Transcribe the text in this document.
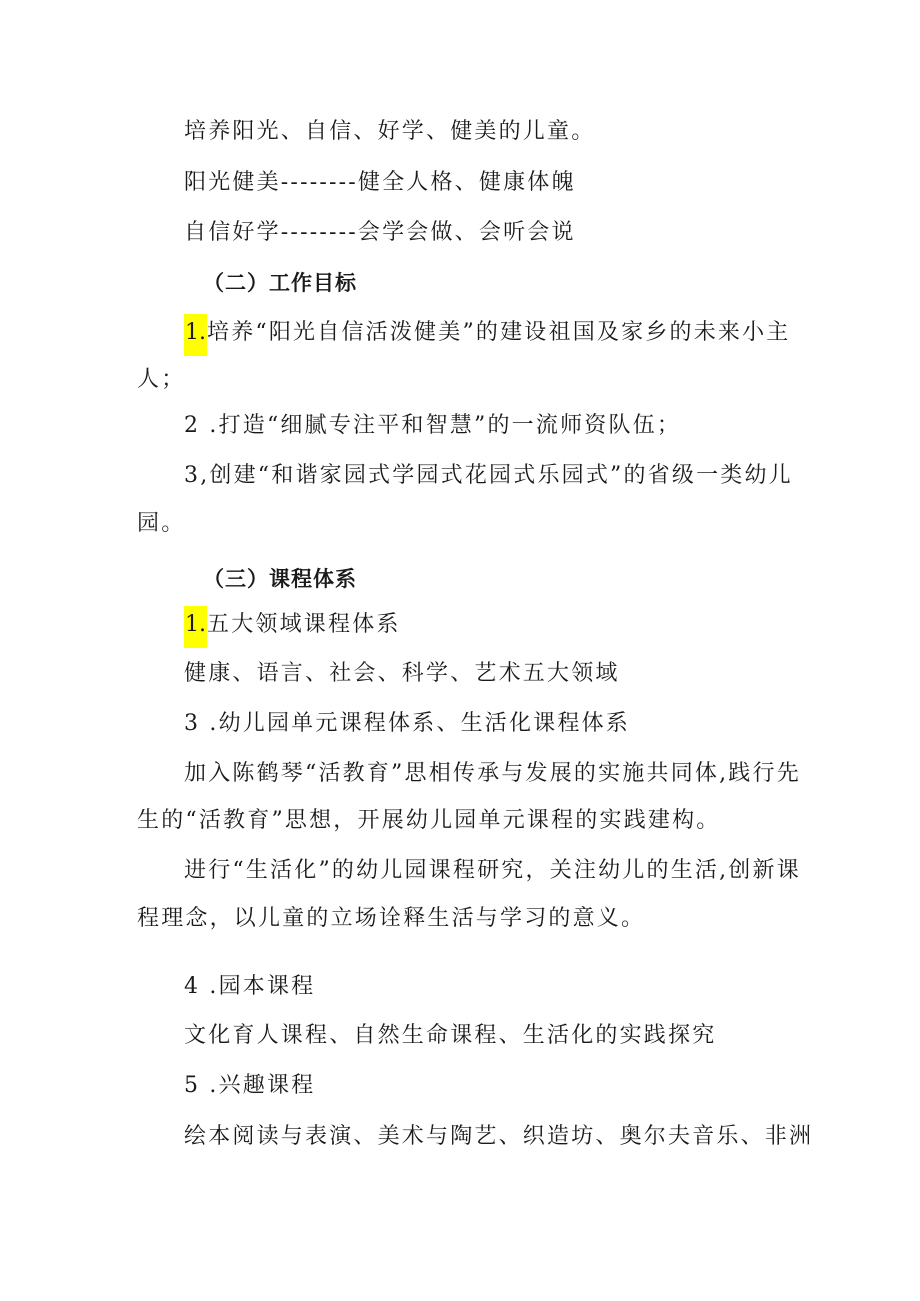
培养阳光、自信、好学、健美的儿童。

阳光健美--------健全人格、健康体魄

自信好学--------会学会做、会听会说

（二）工作目标

1.培养“阳光自信活泼健美”的建设祖国及家乡的未来小主

人；

2 .打造“细腻专注平和智慧”的一流师资队伍；

3,创建“和谐家园式学园式花园式乐园式”的省级一类幼儿

园。

（三）课程体系

1.五大领域课程体系

健康、语言、社会、科学、艺术五大领域

3 .幼儿园单元课程体系、生活化课程体系

加入陈鹤琴“活教育”思相传承与发展的实施共同体,践行先

生的“活教育”思想，开展幼儿园单元课程的实践建构。

进行“生活化”的幼儿园课程研究，关注幼儿的生活,创新课

程理念，以儿童的立场诠释生活与学习的意义。

4 .园本课程

文化育人课程、自然生命课程、生活化的实践探究

5 .兴趣课程

绘本阅读与表演、美术与陶艺、织造坊、奥尔夫音乐、非洲
